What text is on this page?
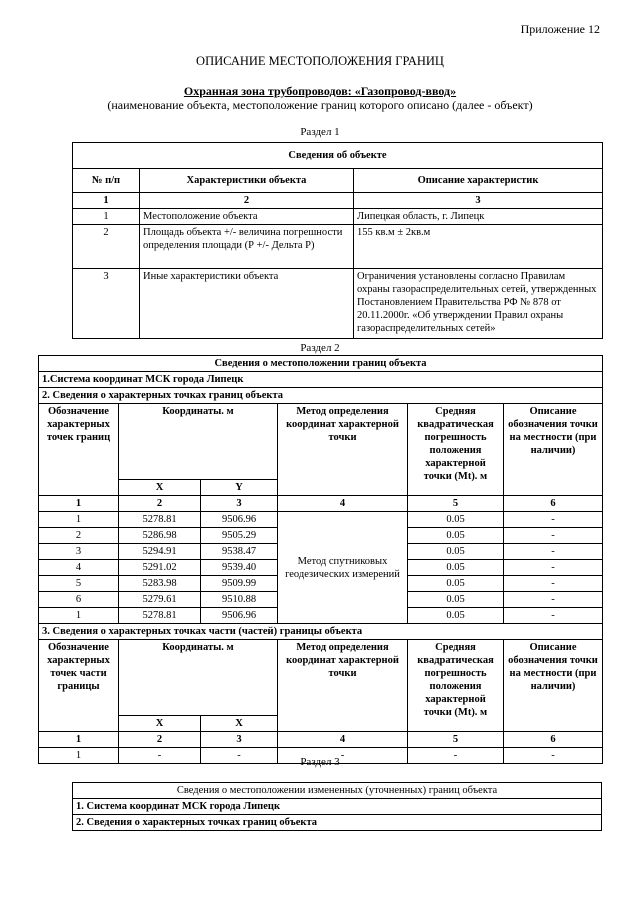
Приложение 12
ОПИСАНИЕ МЕСТОПОЛОЖЕНИЯ ГРАНИЦ
Охранная зона трубопроводов: «Газопровод-ввод»
(наименование объекта, местоположение границ которого описано (далее - объект)
Раздел 1
Сведения об объекте		
№ п/п	Характеристики объекта	Описание характеристик
1	2	3
1	Местоположение объекта	Липецкая область, г. Липецк
2	Площадь объекта +/- величина погрешности определения площади (Р +/- Дельта Р)	155 кв.м ± 2кв.м
3	Иные характеристики объекта	Ограничения установлены согласно Правилам охраны газораспределительных сетей, утвержденных Постановлением Правительства РФ № 878 от 20.11.2000г. «Об утверждении Правил охраны газораспределительных сетей»
Раздел 2
Сведения о местоположении границ объекта					
1.Система координат МСК города Липецк					
2. Сведения о характерных точках границ объекта					
Обозначение характерных точек границ	Координаты. м		Метод определения координат характерной точки	Средняя квадратическая погрешность положения характерной точки (Mt). м	Описание обозначения точки на местности (при наличии)
	X	Y			
1	2	3	4	5	6
1	5278.81	9506.96	Метод спутниковых геодезических измерений	0.05	-
2	5286.98	9505.29		0.05	-
3	5294.91	9538.47		0.05	-
4	5291.02	9539.40		0.05	-
5	5283.98	9509.99		0.05	-
6	5279.61	9510.88		0.05	-
1	5278.81	9506.96		0.05	-
3. Сведения о характерных точках части (частей) границы объекта					
Обозначение характерных точек части границы	Координаты. м		Метод определения координат характерной точки	Средняя квадратическая погрешность положения характерной точки (Mt). м	Описание обозначения точки на местности (при наличии)
	X	X			
1	2	3	4	5	6
1	-	-	-	-	-
Раздел 3
Сведения о местоположении измененных (уточненных) границ объекта
1. Система координат МСК города Липецк
2. Сведения о характерных точках границ объекта
